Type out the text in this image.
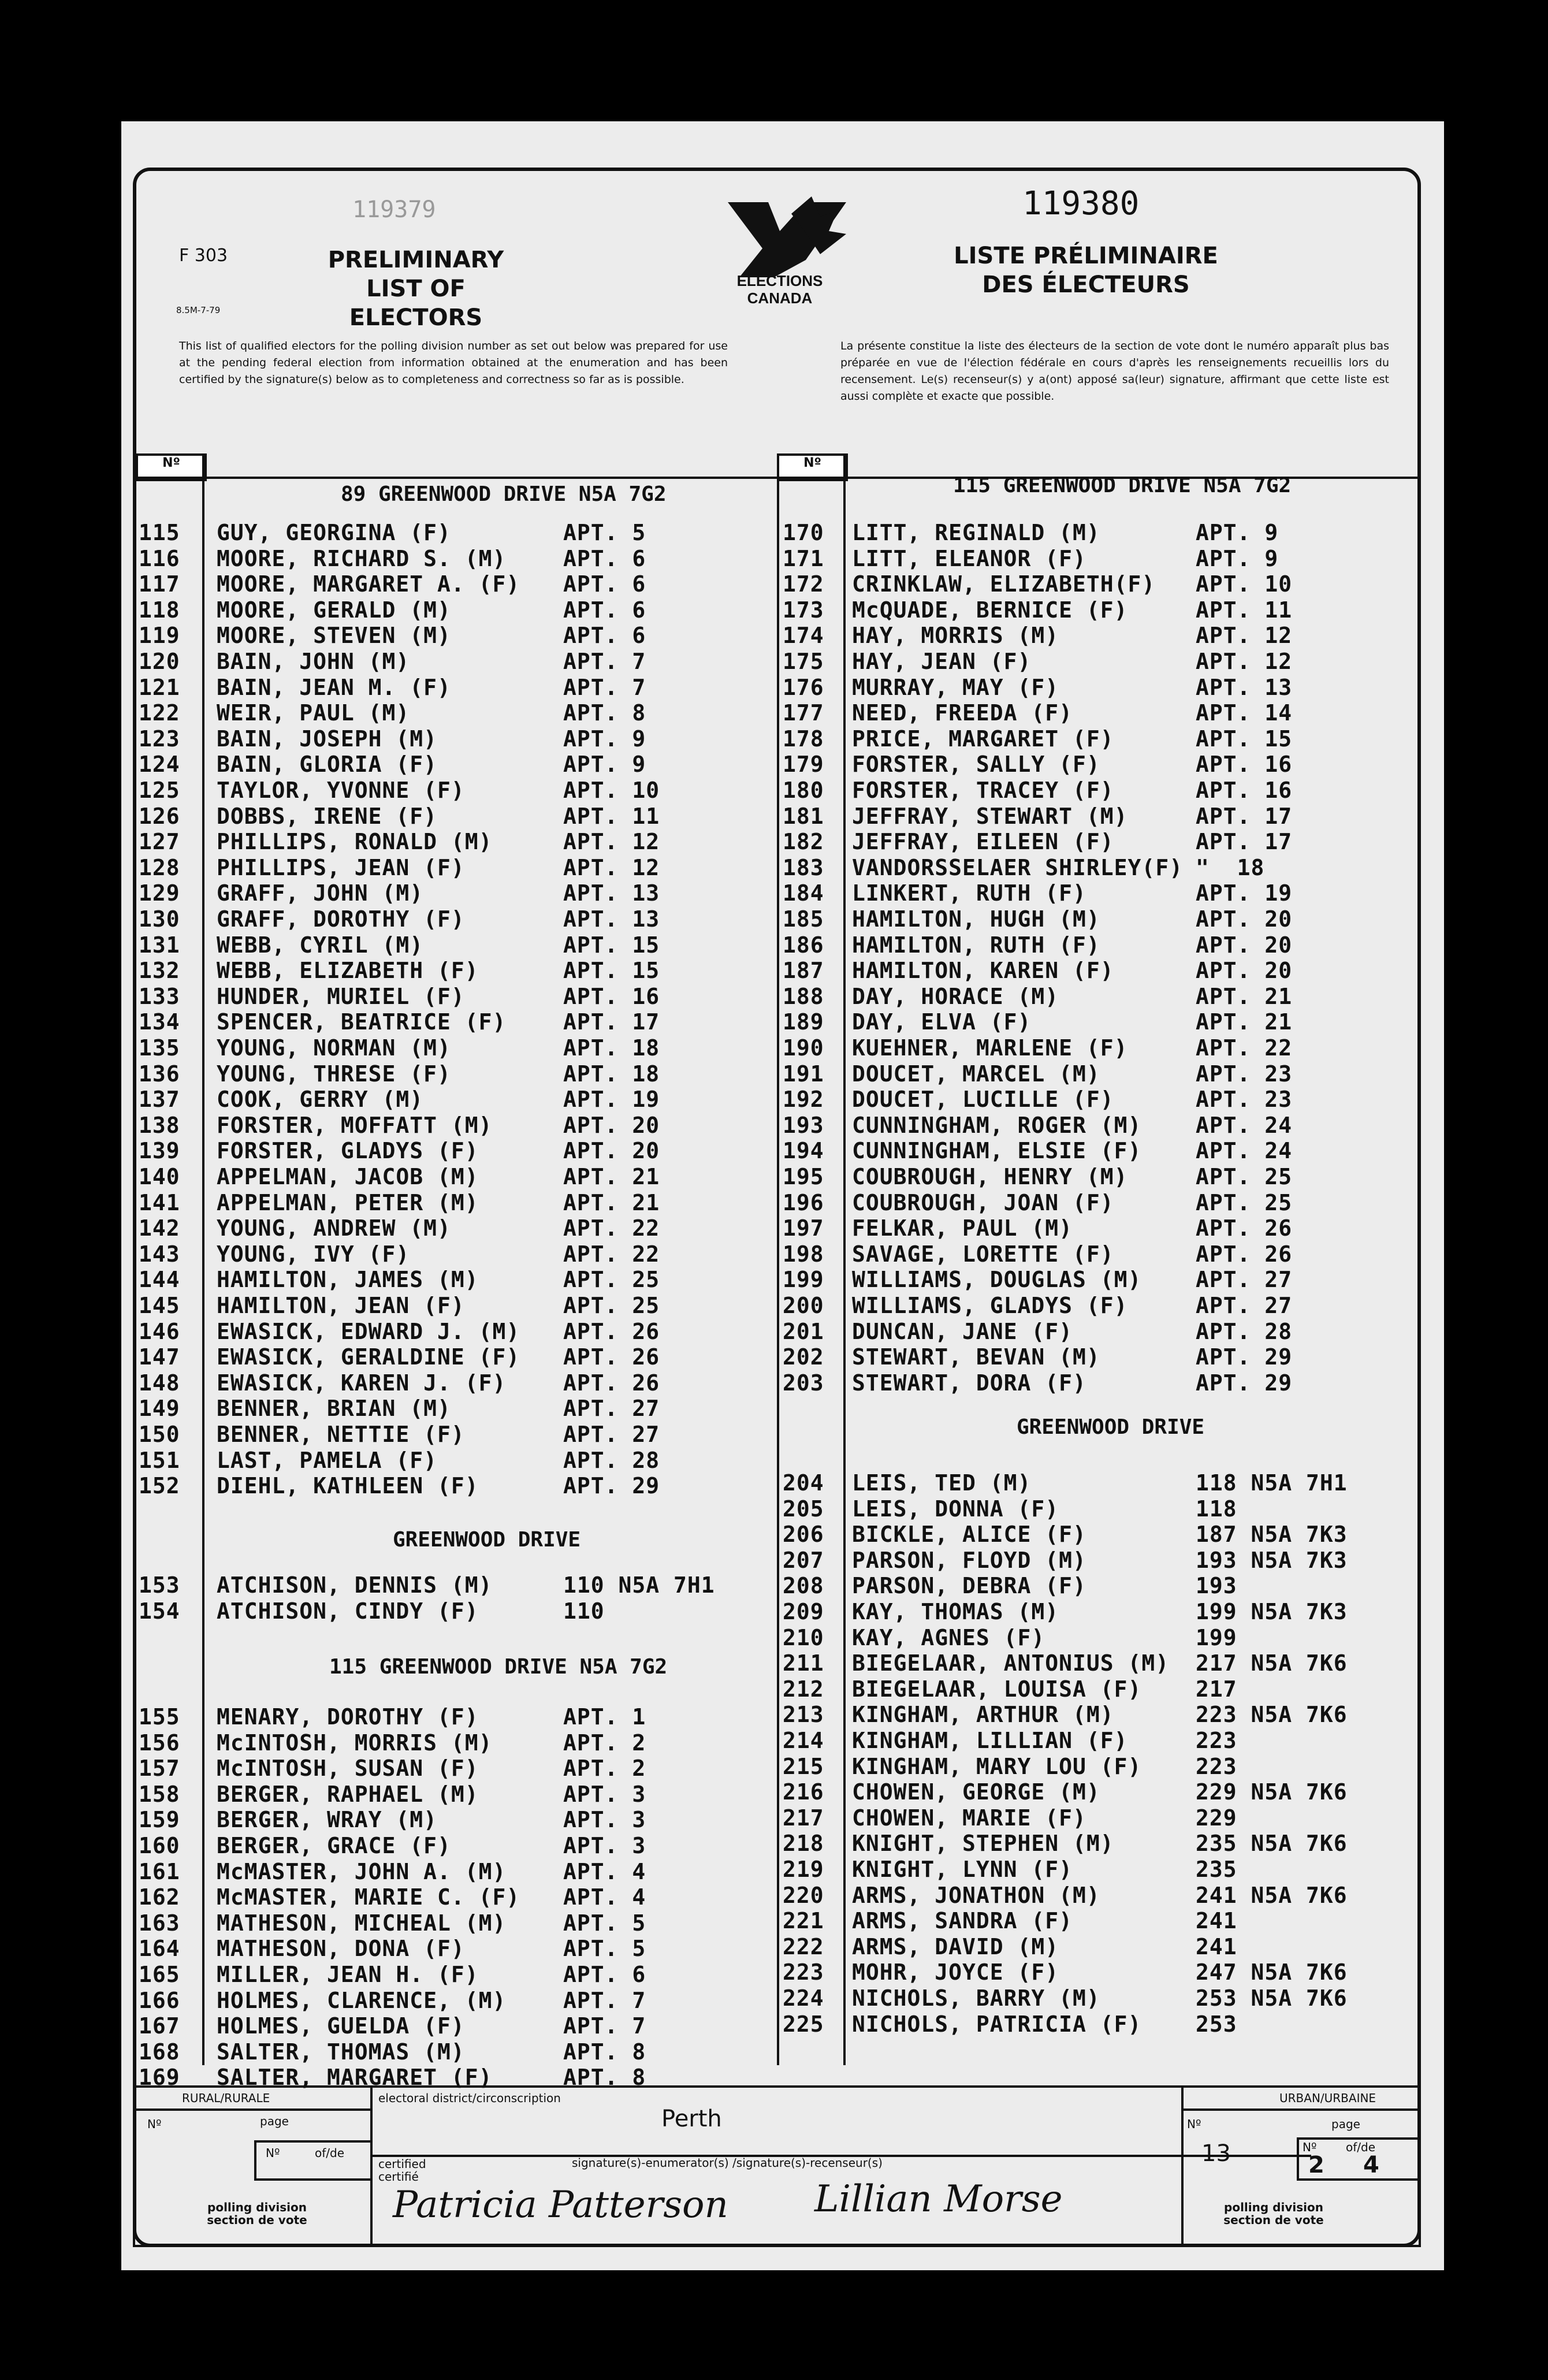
F 303
8.5M-7-79
119379
PRELIMINARY LIST OF ELECTORS
ELECTIONS
CANADA
119380
LISTE PRÉLIMINAIRE DES ÉLECTEURS
This list of qualified electors for the polling division number as set out below was prepared for use at the pending federal election from information obtained at the enumeration and has been certified by the signature(s) below as to completeness and correctness so far as is possible.
La présente constitue la liste des électeurs de la section de vote dont le numéro apparaît plus bas préparée en vue de l'élection fédérale en cours d'après les renseignements recueillis lors du recensement. Le(s) recenseur(s) y a(ont) apposé sa(leur) signature, affirmant que cette liste est aussi complète et exacte que possible.
Nº	Nº
89 GREENWOOD DRIVE N5A 7G2
115 GUY, GEORGINA (F)	APT. 5
116 MOORE, RICHARD S. (M)	APT. 6
117 MOORE, MARGARET A. (F) APT. 6
118 MOORE, GERALD (M)	APT. 6
119 MOORE, STEVEN (M)	APT. 6
120 BAIN, JOHN (M)	APT. 7
121 BAIN, JEAN M. (F)	APT. 7
122 WEIR, PAUL (M)	APT. 8
123 BAIN, JOSEPH (M)	APT. 9
124 BAIN, GLORIA (F)	APT. 9
125 TAYLOR, YVONNE (F)	APT. 10
126 DOBBS, IRENE (F)	APT. 11
127 PHILLIPS, RONALD (M)	APT. 12
128 PHILLIPS, JEAN (F)	APT. 12
129 GRAFF, JOHN (M)	APT. 13
130 GRAFF, DOROTHY (F)	APT. 13
131 WEBB, CYRIL (M)	APT. 15
132 WEBB, ELIZABETH (F)	APT. 15
133 HUNDER, MURIEL (F)	APT. 16
134 SPENCER, BEATRICE (F)	APT. 17
135 YOUNG, NORMAN (M)	APT. 18
136 YOUNG, THRESE (F)	APT. 18
137 COOK, GERRY (M)	APT. 19
138 FORSTER, MOFFATT (M)	APT. 20
139 FORSTER, GLADYS (F)	APT. 20
140 APPELMAN, JACOB (M)	APT. 21
141 APPELMAN, PETER (M)	APT. 21
142 YOUNG, ANDREW (M)	APT. 22
143 YOUNG, IVY (F)	APT. 22
144 HAMILTON, JAMES (M)	APT. 25
145 HAMILTON, JEAN (F)	APT. 25
146 EWASICK, EDWARD J. (M) APT. 26
147 EWASICK, GERALDINE (F) APT. 26
148 EWASICK, KAREN J. (F)	APT. 26
149 BENNER, BRIAN (M)	APT. 27
150 BENNER, NETTIE (F)	APT. 27
151 LAST, PAMELA (F)	APT. 28
152 DIEHL, KATHLEEN (F)	APT. 29
GREENWOOD DRIVE
153 ATCHISON, DENNIS (M)	110 N5A 7H1
154 ATCHISON, CINDY (F)	110
115 GREENWOOD DRIVE N5A 7G2
155 MENARY, DOROTHY (F)	APT. 1
156 McINTOSH, MORRIS (M)	APT. 2
157 McINTOSH, SUSAN (F)	APT. 2
158 BERGER, RAPHAEL (M)	APT. 3
159 BERGER, WRAY (M)	APT. 3
160 BERGER, GRACE (F)	APT. 3
161 McMASTER, JOHN A. (M)	APT. 4
162 McMASTER, MARIE C. (F) APT. 4
163 MATHESON, MICHEAL (M)	APT. 5
164 MATHESON, DONA (F)	APT. 5
165 MILLER, JEAN H. (F)	APT. 6
166 HOLMES, CLARENCE, (M)	APT. 7
167 HOLMES, GUELDA (F)	APT. 7
168 SALTER, THOMAS (M)	APT. 8
169 SALTER, MARGARET (F)	APT. 8
115 GREENWOOD DRIVE N5A 7G2
170 LITT, REGINALD (M)	APT. 9
171 LITT, ELEANOR (F)	APT. 9
172 CRINKLAW, ELIZABETH(F) APT. 10
173 McQUADE, BERNICE (F)	APT. 11
174 HAY, MORRIS (M)	APT. 12
175 HAY, JEAN (F)	APT. 12
176 MURRAY, MAY (F)	APT. 13
177 NEED, FREEDA (F)	APT. 14
178 PRICE, MARGARET (F)	APT. 15
179 FORSTER, SALLY (F)	APT. 16
180 FORSTER, TRACEY (F)	APT. 16
181 JEFFRAY, STEWART (M)	APT. 17
182 JEFFRAY, EILEEN (F)	APT. 17
183 VANDORSSELAER SHIRLEY(F) "  18
184 LINKERT, RUTH (F)	APT. 19
185 HAMILTON, HUGH (M)	APT. 20
186 HAMILTON, RUTH (F)	APT. 20
187 HAMILTON, KAREN (F)	APT. 20
188 DAY, HORACE (M)	APT. 21
189 DAY, ELVA (F)	APT. 21
190 KUEHNER, MARLENE (F)	APT. 22
191 DOUCET, MARCEL (M)	APT. 23
192 DOUCET, LUCILLE (F)	APT. 23
193 CUNNINGHAM, ROGER (M) APT. 24
194 CUNNINGHAM, ELSIE (F) APT. 24
195 COUBROUGH, HENRY (M)	APT. 25
196 COUBROUGH, JOAN (F)	APT. 25
197 FELKAR, PAUL (M)	APT. 26
198 SAVAGE, LORETTE (F)	APT. 26
199 WILLIAMS, DOUGLAS (M) APT. 27
200 WILLIAMS, GLADYS (F)	APT. 27
201 DUNCAN, JANE (F)	APT. 28
202 STEWART, BEVAN (M)	APT. 29
203 STEWART, DORA (F)	APT. 29
GREENWOOD DRIVE
204 LEIS, TED (M)	118 N5A 7H1
205 LEIS, DONNA (F)	118
206 BICKLE, ALICE (F)	187 N5A 7K3
207 PARSON, FLOYD (M)	193 N5A 7K3
208 PARSON, DEBRA (F)	193
209 KAY, THOMAS (M)	199 N5A 7K3
210 KAY, AGNES (F)	199
211 BIEGELAAR, ANTONIUS (M) 217 N5A 7K6
212 BIEGELAAR, LOUISA (F) 217
213 KINGHAM, ARTHUR (M)	223 N5A 7K6
214 KINGHAM, LILLIAN (F)	223
215 KINGHAM, MARY LOU (F) 223
216 CHOWEN, GEORGE (M)	229 N5A 7K6
217 CHOWEN, MARIE (F)	229
218 KNIGHT, STEPHEN (M)	235 N5A 7K6
219 KNIGHT, LYNN (F)	235
220 ARMS, JONATHON (M)	241 N5A 7K6
221 ARMS, SANDRA (F)	241
222 ARMS, DAVID (M)	241
223 MOHR, JOYCE (F)	247 N5A 7K6
224 NICHOLS, BARRY (M)	253 N5A 7K6
225 NICHOLS, PATRICIA (F) 253
RURAL/RURALE
Nº	page
Nº	of/de
polling division section de vote
electoral district/circonscription
Perth
certified certifié
signature(s)-enumerator(s) /signature(s)-recenseur(s)
Patricia Patterson Lillian Morse
URBAN/URBAINE
Nº
13
page
Nº
2
of/de
4
polling division section de vote
